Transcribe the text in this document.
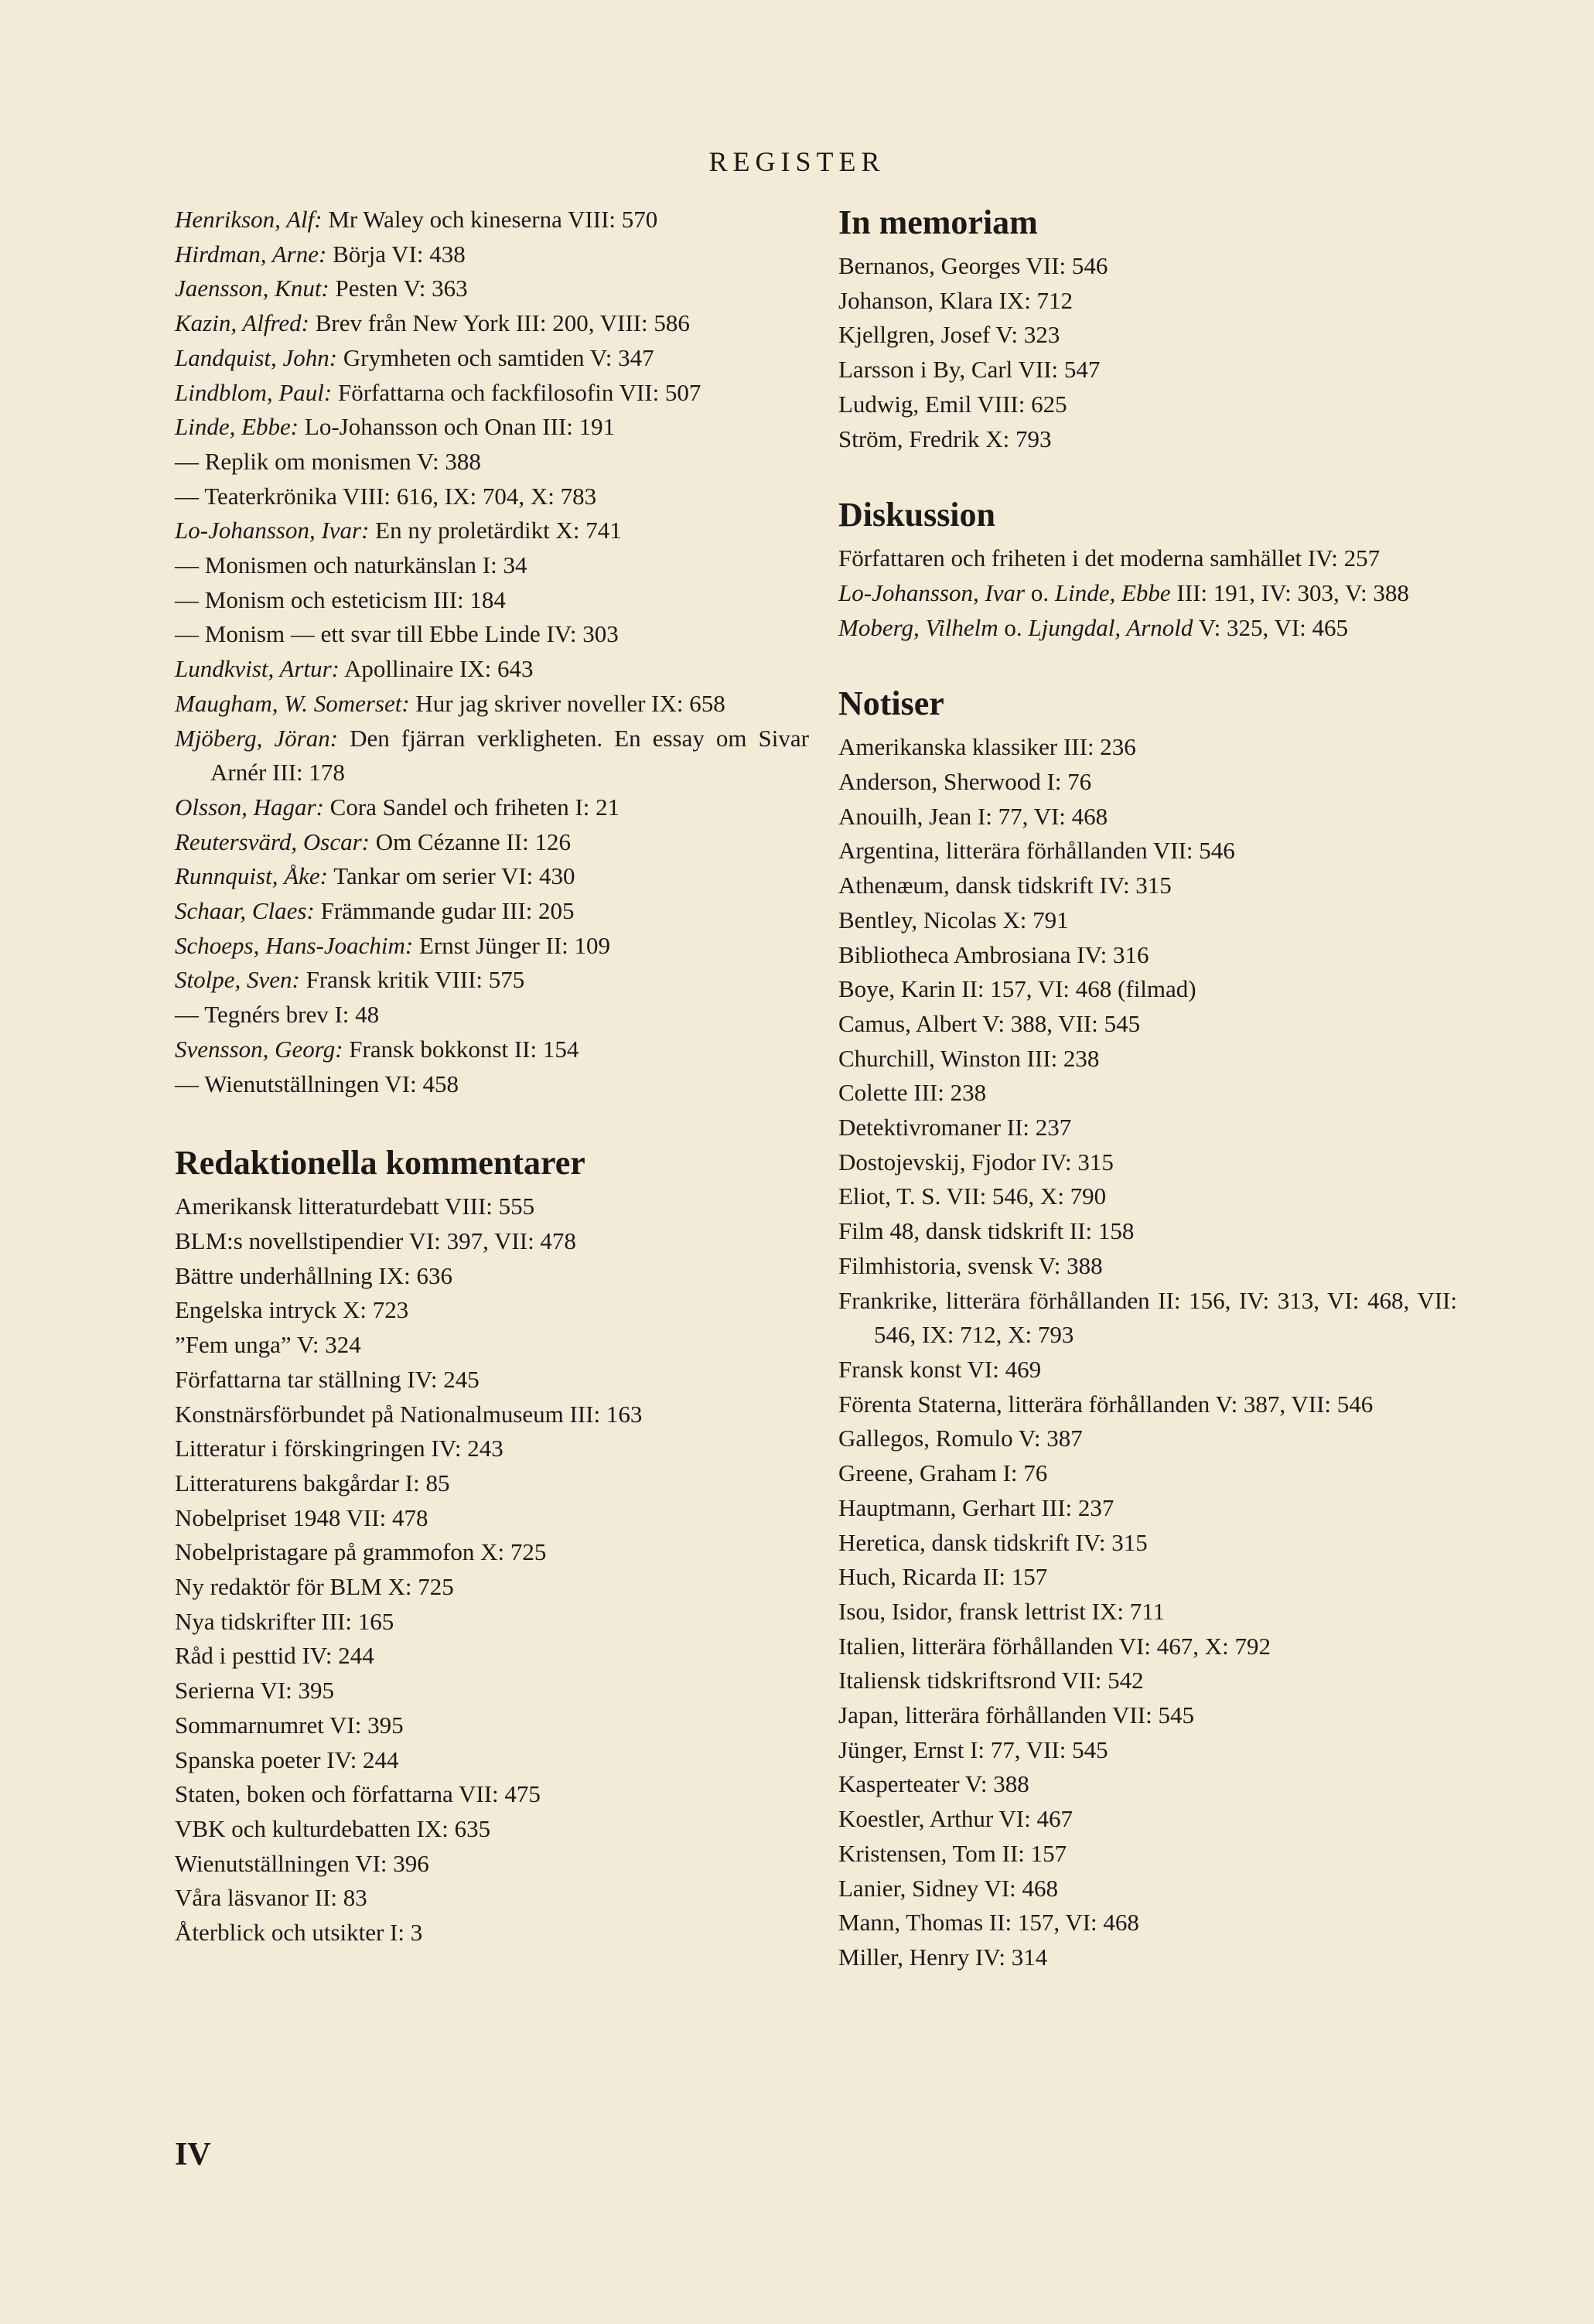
REGISTER
Henrikson, Alf: Mr Waley och kineserna VIII: 570
Hirdman, Arne: Börja VI: 438
Jaensson, Knut: Pesten V: 363
Kazin, Alfred: Brev från New York III: 200, VIII: 586
Landquist, John: Grymheten och samtiden V: 347
Lindblom, Paul: Författarna och fackfilosofin VII: 507
Linde, Ebbe: Lo-Johansson och Onan III: 191
— Replik om monismen V: 388
— Teaterkrönika VIII: 616, IX: 704, X: 783
Lo-Johansson, Ivar: En ny proletärdikt X: 741
— Monismen och naturkänslan I: 34
— Monism och esteticism III: 184
— Monism — ett svar till Ebbe Linde IV: 303
Lundkvist, Artur: Apollinaire IX: 643
Maugham, W. Somerset: Hur jag skriver noveller IX: 658
Mjöberg, Jöran: Den fjärran verkligheten. En essay om Sivar Arnér III: 178
Olsson, Hagar: Cora Sandel och friheten I: 21
Reutersvärd, Oscar: Om Cézanne II: 126
Runnquist, Åke: Tankar om serier VI: 430
Schaar, Claes: Främmande gudar III: 205
Schoeps, Hans-Joachim: Ernst Jünger II: 109
Stolpe, Sven: Fransk kritik VIII: 575
— Tegnérs brev I: 48
Svensson, Georg: Fransk bokkonst II: 154
— Wienutställningen VI: 458
Redaktionella kommentarer
Amerikansk litteraturdebatt VIII: 555
BLM:s novellstipendier VI: 397, VII: 478
Bättre underhållning IX: 636
Engelska intryck X: 723
”Fem unga” V: 324
Författarna tar ställning IV: 245
Konstnärsförbundet på Nationalmuseum III: 163
Litteratur i förskingringen IV: 243
Litteraturens bakgårdar I: 85
Nobelpriset 1948 VII: 478
Nobelpristagare på grammofon X: 725
Ny redaktör för BLM X: 725
Nya tidskrifter III: 165
Råd i pesttid IV: 244
Serierna VI: 395
Sommarnumret VI: 395
Spanska poeter IV: 244
Staten, boken och författarna VII: 475
VBK och kulturdebatten IX: 635
Wienutställningen VI: 396
Våra läsvanor II: 83
Återblick och utsikter I: 3
In memoriam
Bernanos, Georges VII: 546
Johanson, Klara IX: 712
Kjellgren, Josef V: 323
Larsson i By, Carl VII: 547
Ludwig, Emil VIII: 625
Ström, Fredrik X: 793
Diskussion
Författaren och friheten i det moderna samhället IV: 257
Lo-Johansson, Ivar o. Linde, Ebbe III: 191, IV: 303, V: 388
Moberg, Vilhelm o. Ljungdal, Arnold V: 325, VI: 465
Notiser
Amerikanska klassiker III: 236
Anderson, Sherwood I: 76
Anouilh, Jean I: 77, VI: 468
Argentina, litterära förhållanden VII: 546
Athenæum, dansk tidskrift IV: 315
Bentley, Nicolas X: 791
Bibliotheca Ambrosiana IV: 316
Boye, Karin II: 157, VI: 468 (filmad)
Camus, Albert V: 388, VII: 545
Churchill, Winston III: 238
Colette III: 238
Detektivromaner II: 237
Dostojevskij, Fjodor IV: 315
Eliot, T. S. VII: 546, X: 790
Film 48, dansk tidskrift II: 158
Filmhistoria, svensk V: 388
Frankrike, litterära förhållanden II: 156, IV: 313, VI: 468, VII: 546, IX: 712, X: 793
Fransk konst VI: 469
Förenta Staterna, litterära förhållanden V: 387, VII: 546
Gallegos, Romulo V: 387
Greene, Graham I: 76
Hauptmann, Gerhart III: 237
Heretica, dansk tidskrift IV: 315
Huch, Ricarda II: 157
Isou, Isidor, fransk lettrist IX: 711
Italien, litterära förhållanden VI: 467, X: 792
Italiensk tidskriftsrond VII: 542
Japan, litterära förhållanden VII: 545
Jünger, Ernst I: 77, VII: 545
Kasperteater V: 388
Koestler, Arthur VI: 467
Kristensen, Tom II: 157
Lanier, Sidney VI: 468
Mann, Thomas II: 157, VI: 468
Miller, Henry IV: 314
IV
